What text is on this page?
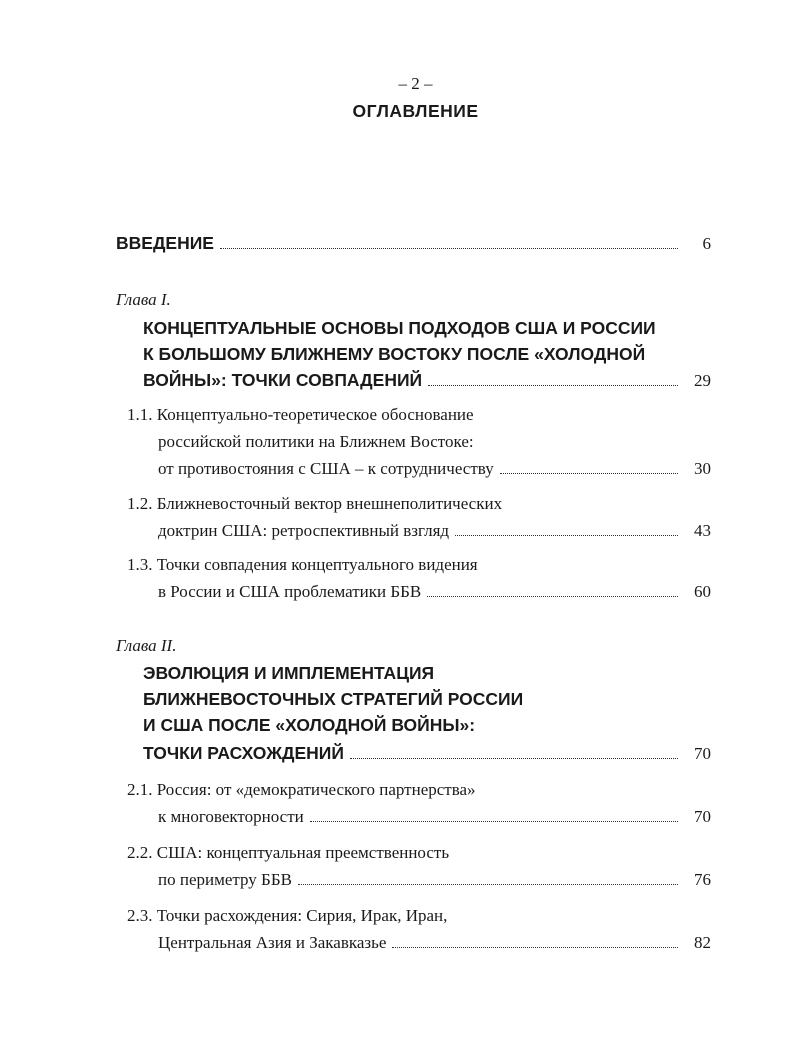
– 2 –
ОГЛАВЛЕНИЕ
ВВЕДЕНИЕ	6
Глава I.
КОНЦЕПТУАЛЬНЫЕ ОСНОВЫ ПОДХОДОВ США И РОССИИ
К БОЛЬШОМУ БЛИЖНЕМУ ВОСТОКУ ПОСЛЕ «ХОЛОДНОЙ
ВОЙНЫ»: ТОЧКИ СОВПАДЕНИЙ	29
1.1. Концептуально-теоретическое обоснование
российской политики на Ближнем Востоке:
от противостояния с США – к сотрудничеству	30
1.2. Ближневосточный вектор внешнеполитических
доктрин США: ретроспективный взгляд	43
1.3. Точки совпадения концептуального видения
в России и США проблематики ББВ	60
Глава II.
ЭВОЛЮЦИЯ И ИМПЛЕМЕНТАЦИЯ
БЛИЖНЕВОСТОЧНЫХ СТРАТЕГИЙ РОССИИ
И США ПОСЛЕ «ХОЛОДНОЙ ВОЙНЫ»:
ТОЧКИ РАСХОЖДЕНИЙ	70
2.1. Россия: от «демократического партнерства»
к многовекторности	70
2.2. США: концептуальная преемственность
по периметру ББВ	76
2.3. Точки расхождения: Сирия, Ирак, Иран,
Центральная Азия и Закавказье	82
